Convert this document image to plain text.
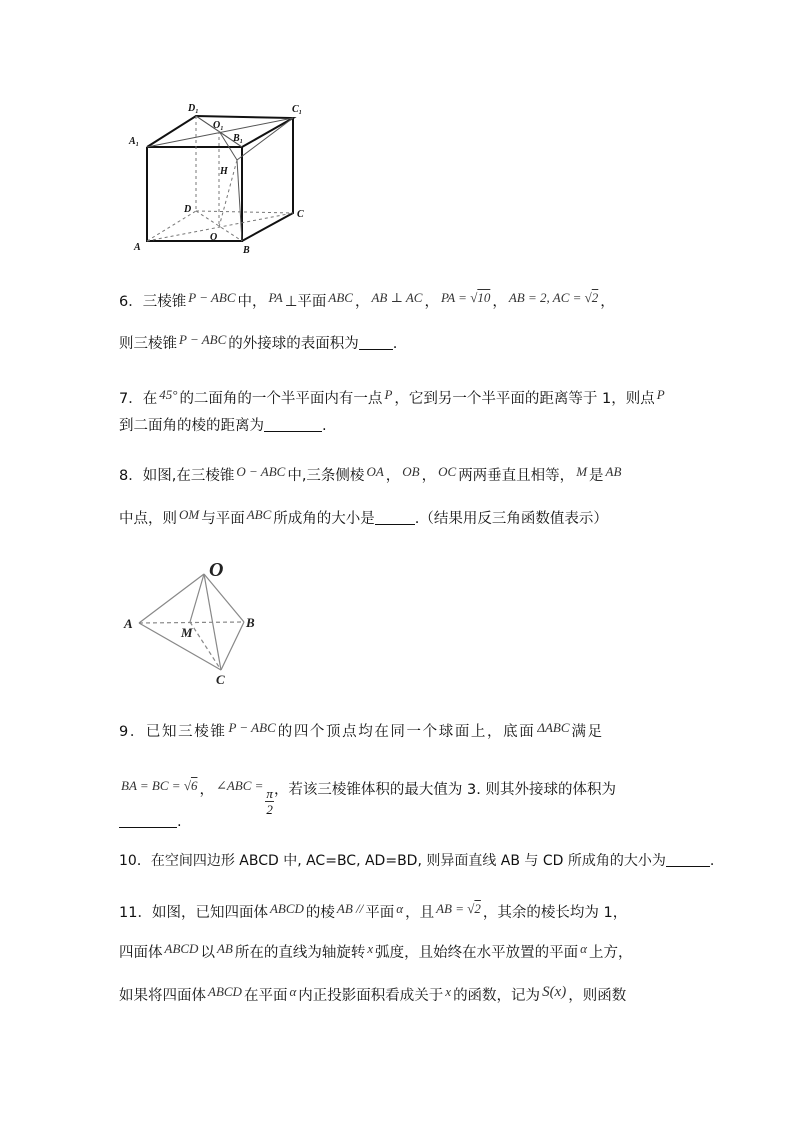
D₁
O₁
C₁
A₁	B₁
H
D	C
O
A	B
6．三棱锥 P − ABC 中， PA ⊥平面 ABC ， AB ⊥ AC ， PA = √10 ， AB = 2, AC = √2 ，
则三棱锥 P − ABC 的外接球的表面积为 .
7．在 45° 的二面角的一个半平面内有一点 P ，它到另一个半平面的距离等于 1，则点 P
到二面角的棱的距离为	.
8．如图,在三棱锥 O − ABC 中,三条侧棱 OA ， OB ， OC 两两垂直且相等， M 是 AB
中点，则 OM 与平面 ABC 所成角的大小是	.（结果用反三角函数值表示）
O
A	B
M
C
9．已知三棱锥 P − ABC 的四个顶点均在同一个球面上，底面 ΔABC 满足
BA = BC = √6 ， ∠ABC =
$\frac{\pi}{2}$ ，若该三棱锥体积的最大值为 3. 则其外接球的体积为
.
10．在空间四边形 ABCD 中, AC=BC, AD=BD, 则异面直线 AB 与 CD 所成角的大小为	.
11．如图，已知四面体 ABCD 的棱 AB // 平面 α ，且 AB = √2 ，其余的棱长均为 1，
四面体 ABCD 以 AB 所在的直线为轴旋转 x 弧度，且始终在水平放置的平面 α 上方，
如果将四面体 ABCD 在平面 α 内正投影面积看成关于 x 的函数，记为 S(x) ，则函数
